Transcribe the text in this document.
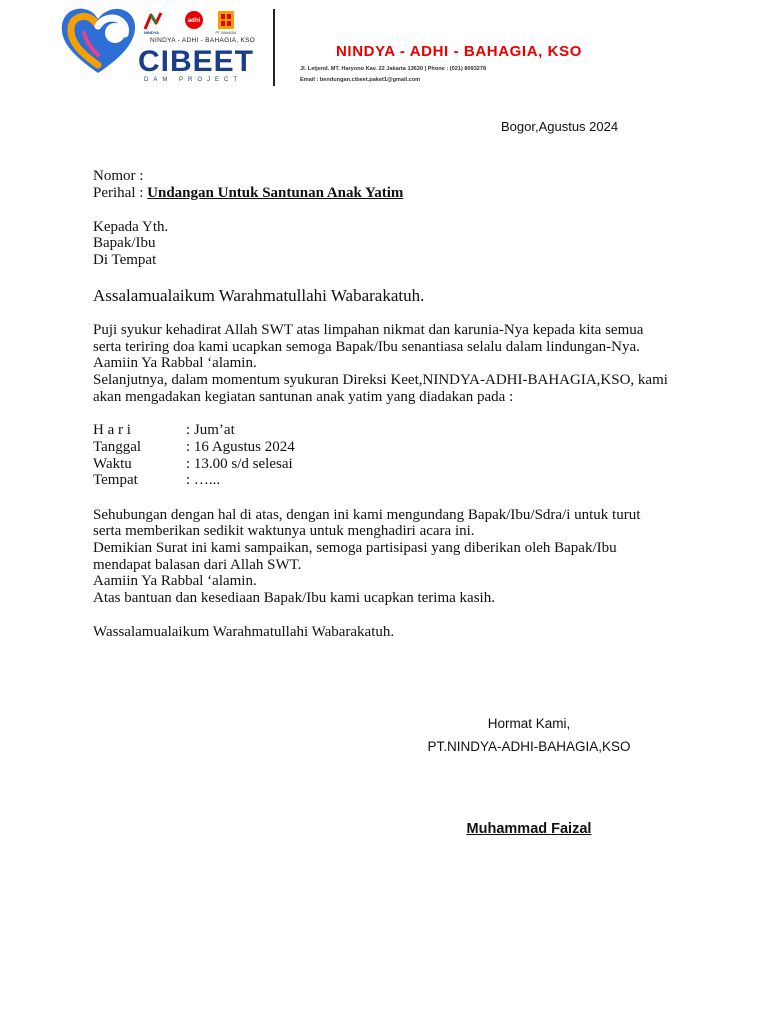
NINDYA
adhi
PT. BAHAGIA
NINDYA - ADHI - BAHAGIA, KSO
CIBEET
DAM PROJECT
NINDYA - ADHI - BAHAGIA, KSO
Jl. Letjend. MT. Haryono Kav. 22 Jakarta 13630 | Phone : (021) 8093278
Email : bendungan.cibeet.paket1@gmail.com
Bogor,Agustus 2024
Nomor :
Perihal : Undangan Untuk Santunan Anak Yatim
Kepada Yth.
Bapak/Ibu
Di Tempat
Assalamualaikum Warahmatullahi Wabarakatuh.
Puji syukur kehadirat Allah SWT atas limpahan nikmat dan karunia-Nya kepada kita semua
serta teriring doa kami ucapkan semoga Bapak/Ibu senantiasa selalu dalam lindungan-Nya.
Aamiin Ya Rabbal ‘alamin.
Selanjutnya, dalam momentum syukuran Direksi Keet,NINDYA-ADHI-BAHAGIA,KSO, kami
akan mengadakan kegiatan santunan anak yatim yang diadakan pada :
H a r i	: Jum’at
Tanggal	: 16 Agustus 2024
Waktu	: 13.00 s/d selesai
Tempat	: …...
Sehubungan dengan hal di atas, dengan ini kami mengundang Bapak/Ibu/Sdra/i untuk turut
serta memberikan sedikit waktunya untuk menghadiri acara ini.
Demikian Surat ini kami sampaikan, semoga partisipasi yang diberikan oleh Bapak/Ibu
mendapat balasan dari Allah SWT.
Aamiin Ya Rabbal ‘alamin.
Atas bantuan dan kesediaan Bapak/Ibu kami ucapkan terima kasih.
Wassalamualaikum Warahmatullahi Wabarakatuh.
Hormat Kami,
PT.NINDYA-ADHI-BAHAGIA,KSO
Muhammad Faizal
